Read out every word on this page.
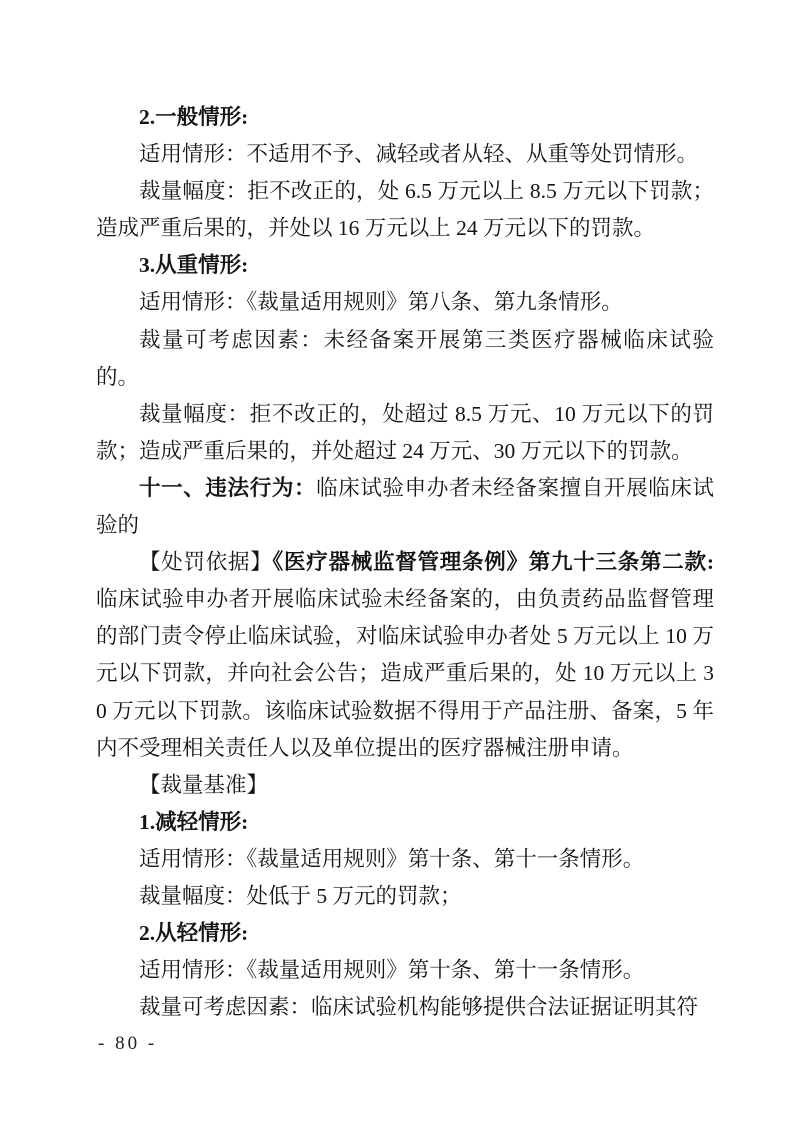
2.一般情形:

适用情形：不适用不予、减轻或者从轻、从重等处罚情形。

裁量幅度：拒不改正的，处 6.5 万元以上 8.5 万元以下罚款；造成严重后果的，并处以 16 万元以上 24 万元以下的罚款。

3.从重情形:

适用情形：《裁量适用规则》第八条、第九条情形。

裁量可考虑因素：未经备案开展第三类医疗器械临床试验的。

裁量幅度：拒不改正的，处超过 8.5 万元、10 万元以下的罚款；造成严重后果的，并处超过 24 万元、30 万元以下的罚款。

十一、违法行为：临床试验申办者未经备案擅自开展临床试验的

【处罚依据】《医疗器械监督管理条例》第九十三条第二款:临床试验申办者开展临床试验未经备案的，由负责药品监督管理的部门责令停止临床试验，对临床试验申办者处 5 万元以上 10 万元以下罚款，并向社会公告；造成严重后果的，处 10 万元以上 30 万元以下罚款。该临床试验数据不得用于产品注册、备案，5 年内不受理相关责任人以及单位提出的医疗器械注册申请。

【裁量基准】

1.减轻情形:

适用情形：《裁量适用规则》第十条、第十一条情形。

裁量幅度：处低于 5 万元的罚款；

2.从轻情形:

适用情形：《裁量适用规则》第十条、第十一条情形。

裁量可考虑因素：临床试验机构能够提供合法证据证明其符

- 80 -
